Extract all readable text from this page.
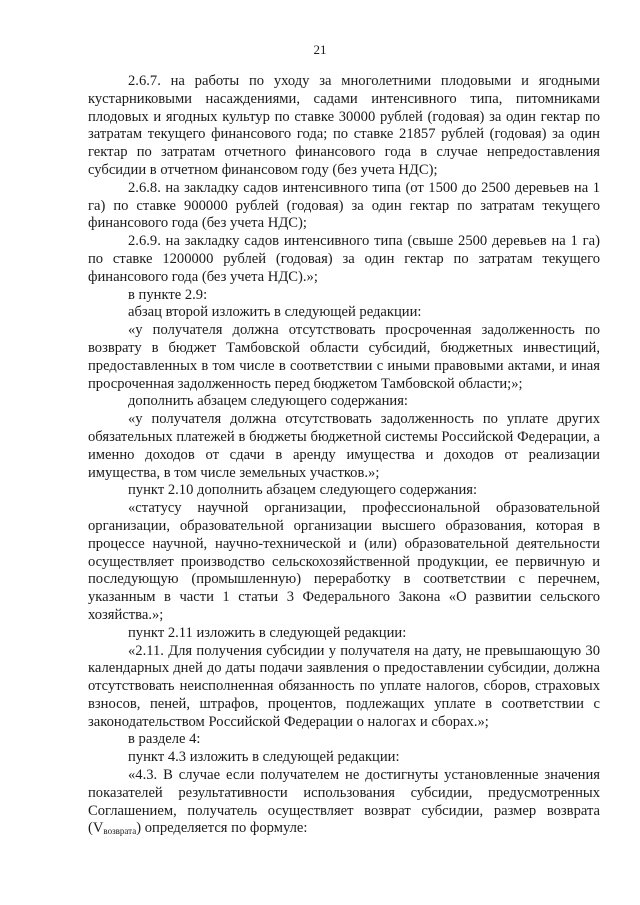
21

2.6.7. на работы по уходу за многолетними плодовыми и ягодными кустарниковыми насаждениями, садами интенсивного типа, питомниками плодовых и ягодных культур по ставке 30000 рублей (годовая) за один гектар по затратам текущего финансового года; по ставке 21857 рублей (годовая) за один гектар по затратам отчетного финансового года в случае непредоставления субсидии в отчетном финансовом году (без учета НДС);

2.6.8. на закладку садов интенсивного типа (от 1500 до 2500 деревьев на 1 га) по ставке 900000 рублей (годовая) за один гектар по затратам текущего финансового года (без учета НДС);

2.6.9. на закладку садов интенсивного типа (свыше 2500 деревьев на 1 га) по ставке 1200000 рублей (годовая) за один гектар по затратам текущего финансового года (без учета НДС).»;

в пункте 2.9:

абзац второй изложить в следующей редакции:

«у получателя должна отсутствовать просроченная задолженность по возврату в бюджет Тамбовской области субсидий, бюджетных инвестиций, предоставленных в том числе в соответствии с иными правовыми актами, и иная просроченная задолженность перед бюджетом Тамбовской области;»;

дополнить абзацем следующего содержания:

«у получателя должна отсутствовать задолженность по уплате других обязательных платежей в бюджеты бюджетной системы Российской Федерации, а именно доходов от сдачи в аренду имущества и доходов от реализации имущества, в том числе земельных участков.»;

пункт 2.10 дополнить абзацем следующего содержания:

«статусу научной организации, профессиональной образовательной организации, образовательной организации высшего образования, которая в процессе научной, научно-технической и (или) образовательной деятельности осуществляет производство сельскохозяйственной продукции, ее первичную и последующую (промышленную) переработку в соответствии с перечнем, указанным в части 1 статьи 3 Федерального Закона «О развитии сельского хозяйства.»;

пункт 2.11 изложить в следующей редакции:

«2.11. Для получения субсидии у получателя на дату, не превышающую 30 календарных дней до даты подачи заявления о предоставлении субсидии, должна отсутствовать неисполненная обязанность по уплате налогов, сборов, страховых взносов, пеней, штрафов, процентов, подлежащих уплате в соответствии с законодательством Российской Федерации о налогах и сборах.»;

в разделе 4:

пункт 4.3 изложить в следующей редакции:

«4.3. В случае если получателем не достигнуты установленные значения показателей результативности использования субсидии, предусмотренных Соглашением, получатель осуществляет возврат субсидии, размер возврата (Vвозврата) определяется по формуле:
